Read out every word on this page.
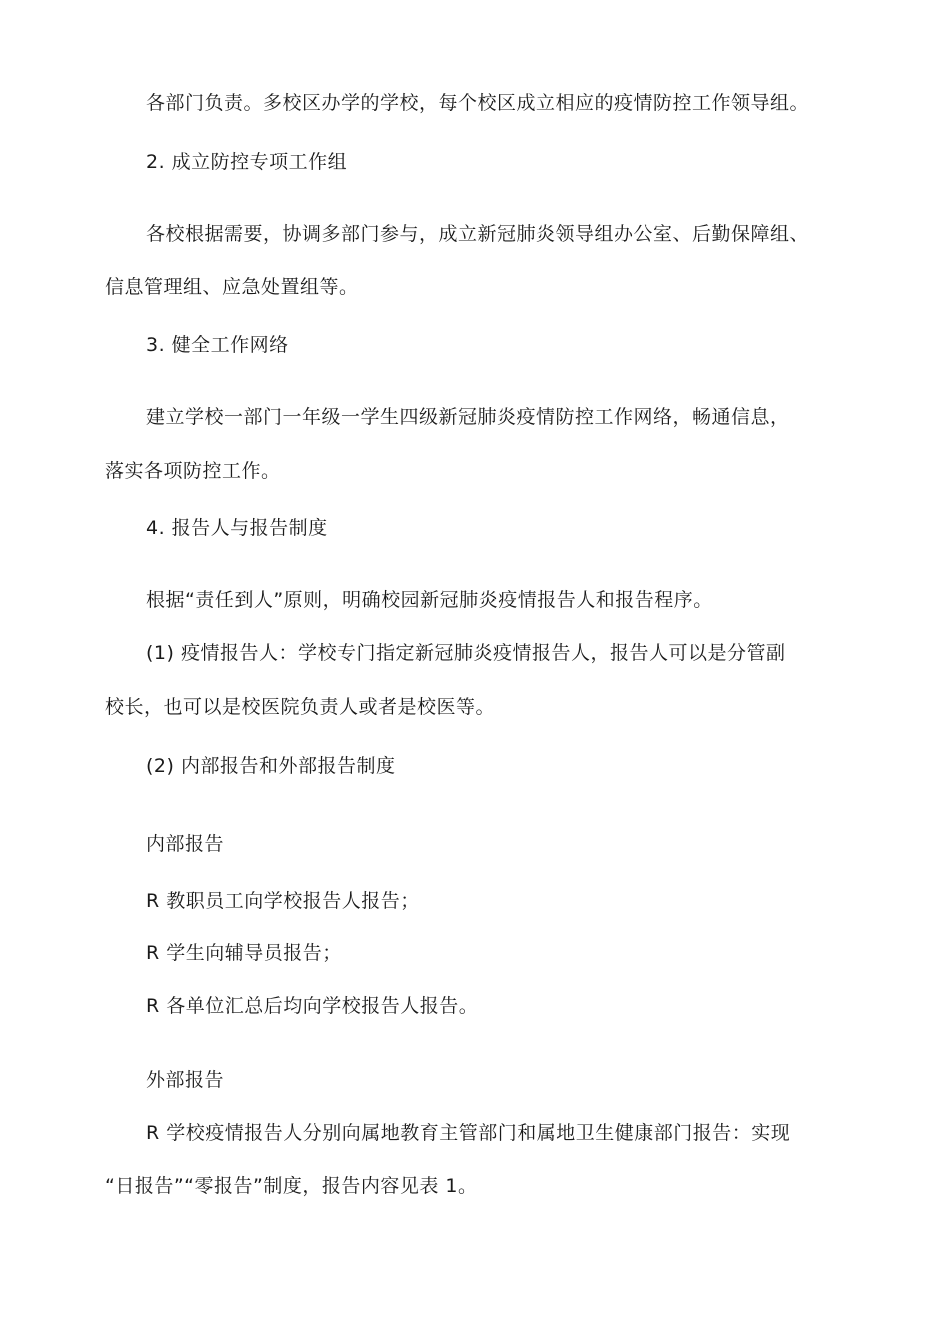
各部门负责。多校区办学的学校，每个校区成立相应的疫情防控工作领导组。
2. 成立防控专项工作组
各校根据需要，协调多部门参与，成立新冠肺炎领导组办公室、后勤保障组、
信息管理组、应急处置组等。
3. 健全工作网络
建立学校一部门一年级一学生四级新冠肺炎疫情防控工作网络，畅通信息，
落实各项防控工作。
4. 报告人与报告制度
根据“责任到人”原则，明确校园新冠肺炎疫情报告人和报告程序。
(1) 疫情报告人：学校专门指定新冠肺炎疫情报告人，报告人可以是分管副
校长，也可以是校医院负责人或者是校医等。
(2) 内部报告和外部报告制度
内部报告
R 教职员工向学校报告人报告；
R 学生向辅导员报告；
R 各单位汇总后均向学校报告人报告。
外部报告
R 学校疫情报告人分别向属地教育主管部门和属地卫生健康部门报告：实现
“日报告”“零报告”制度，报告内容见表 1。
